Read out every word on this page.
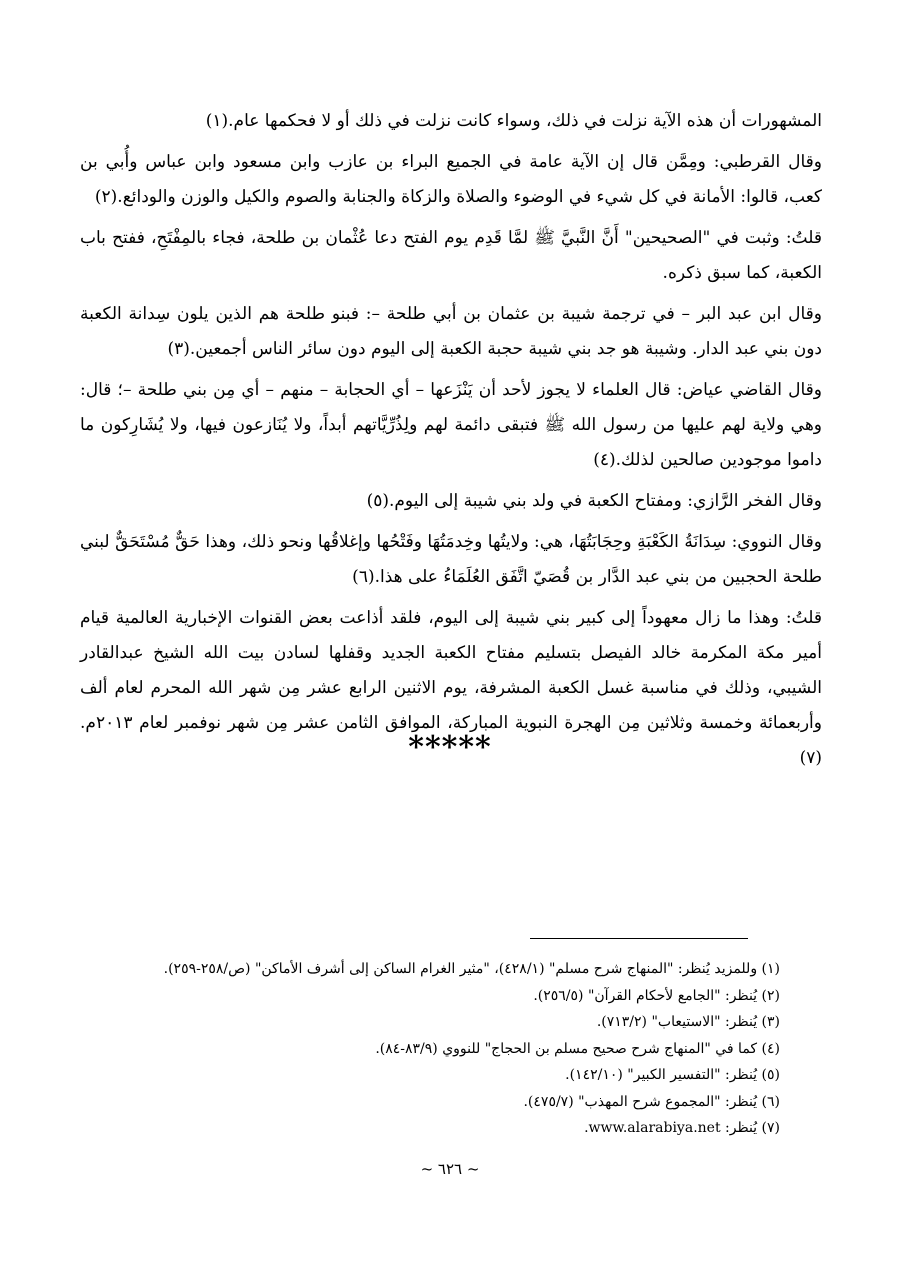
المشهورات أن هذه الآية نزلت في ذلك، وسواء كانت نزلت في ذلك أو لا فحكمها عام.(١)

وقال القرطبي: ومِمَّن قال إن الآية عامة في الجميع البراء بن عازب وابن مسعود وابن عباس وأُبي بن كعب، قالوا: الأمانة في كل شيء في الوضوء والصلاة والزكاة والجنابة والصوم والكيل والوزن والودائع.(٢)

قلتُ: وثبت في "الصحيحين" أَنَّ النَّبيَّ ﷺ لمَّا قَدِم يوم الفتح دعا عُثْمان بن طلحة، فجاء بالمِفْتَحِ، ففتح باب الكعبة، كما سبق ذكره.

وقال ابن عبد البر – في ترجمة شيبة بن عثمان بن أبي طلحة –: فبنو طلحة هم الذين يلون سِدانة الكعبة دون بني عبد الدار. وشيبة هو جد بني شيبة حجبة الكعبة إلى اليوم دون سائر الناس أجمعين.(٣)

وقال القاضي عياض: قال العلماء لا يجوز لأحد أن يَنْزَعها – أي الحجابة – منهم – أي مِن بني طلحة –؛ قال: وهي ولاية لهم عليها من رسول الله ﷺ فتبقى دائمة لهم ولِذُرِّيَّاتهم أبداً، ولا يُنَازعون فيها، ولا يُشَارِكون ما داموا موجودين صالحين لذلك.(٤)

وقال الفخر الرَّازي: ومفتاح الكعبة في ولد بني شيبة إلى اليوم.(٥)

وقال النووي: سِدَانَةُ الكَعْبَةِ وحِجَابَتُهَا، هي: ولايتُها وخِدمَتُهَا وفَتْحُها وإغلاقُها ونحو ذلك، وهذا حَقٌّ مُسْتَحَقٌّ لبني طلحة الحجبين من بني عبد الدَّار بن قُصَيّ اتَّفَق العُلَمَاءُ على هذا.(٦)

قلتُ: وهذا ما زال معهوداً إلى كبير بني شيبة إلى اليوم، فلقد أذاعت بعض القنوات الإخبارية العالمية قيام أمير مكة المكرمة خالد الفيصل بتسليم مفتاح الكعبة الجديد وقفلها لسادن بيت الله الشيخ عبدالقادر الشيبي، وذلك في مناسبة غسل الكعبة المشرفة، يوم الاثنين الرابع عشر مِن شهر الله المحرم لعام ألف وأربعمائة وخمسة وثلاثين مِن الهجرة النبوية المباركة، الموافق الثامن عشر مِن شهر نوفمبر لعام ٢٠١٣م.(٧)

*****

(١) وللمزيد يُنظر: "المنهاج شرح مسلم" (٤٢٨/١)، "مثير الغرام الساكن إلى أشرف الأماكن" (ص/٢٥٨-٢٥٩).

(٢) يُنظر: "الجامع لأحكام القرآن" (٢٥٦/٥).

(٣) يُنظر: "الاستيعاب" (٧١٣/٢).

(٤) كما في "المنهاج شرح صحيح مسلم بن الحجاج" للنووي (٨٣/٩-٨٤).

(٥) يُنظر: "التفسير الكبير" (١٤٢/١٠).

(٦) يُنظر: "المجموع شرح المهذب" (٤٧٥/٧).

(٧) يُنظر: www.alarabiya.net.

~ ٦٢٦ ~
